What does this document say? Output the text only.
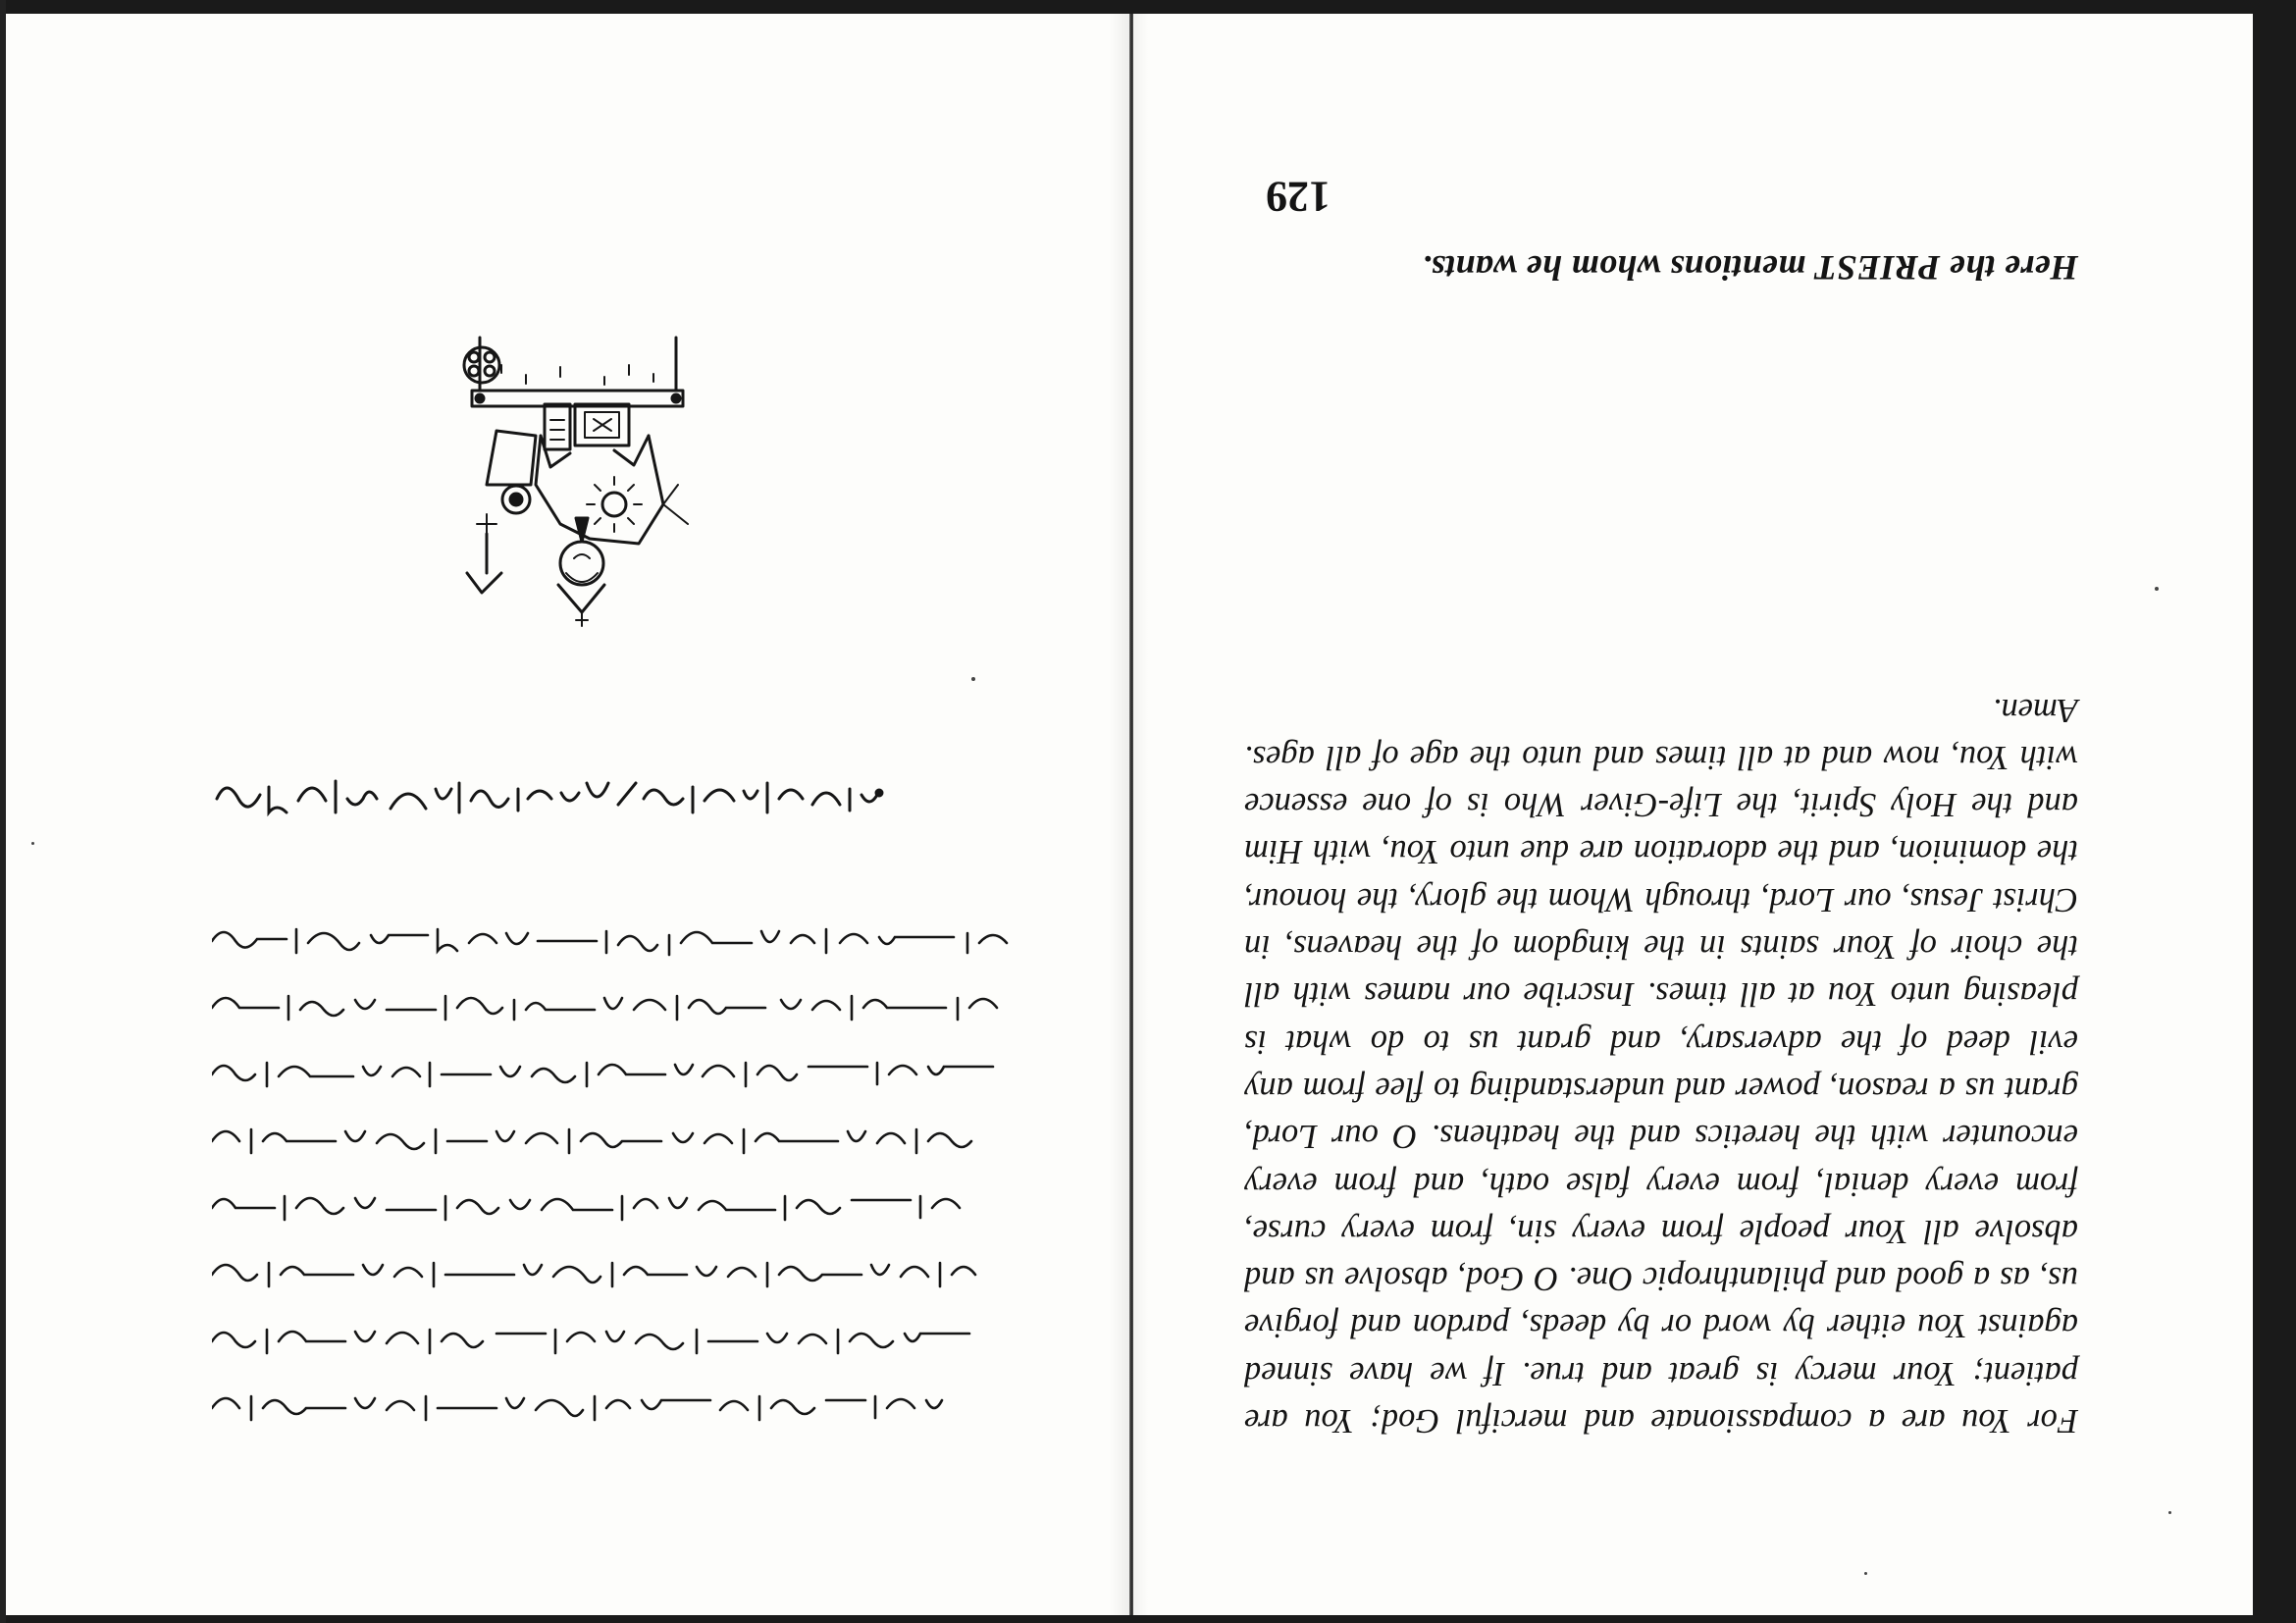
For You are a compassionate and merciful God; You are patient; Your mercy is great and true. If we have sinned against You either by word or by deeds, pardon and forgive us, as a good and philanthropic One. O God, absolve us and absolve all Your people from every sin, from every curse, from every denial, from every false oath, and from every encounter with the heretics and the heathens. O our Lord, grant us a reason, power and understanding to flee from any evil deed of the adversary, and grant us to do what is pleasing unto You at all times. Inscribe our names with all the choir of Your saints in the kingdom of the heavens, in Christ Jesus, our Lord, through Whom the glory, the honour, the dominion, and the adoration are due unto You, with Him and the Holy Spirit, the Life-Giver Who is of one essence with You, now and at all times and unto the age of all ages. Amen.

Here the PRIEST mentions whom he wants.

129
